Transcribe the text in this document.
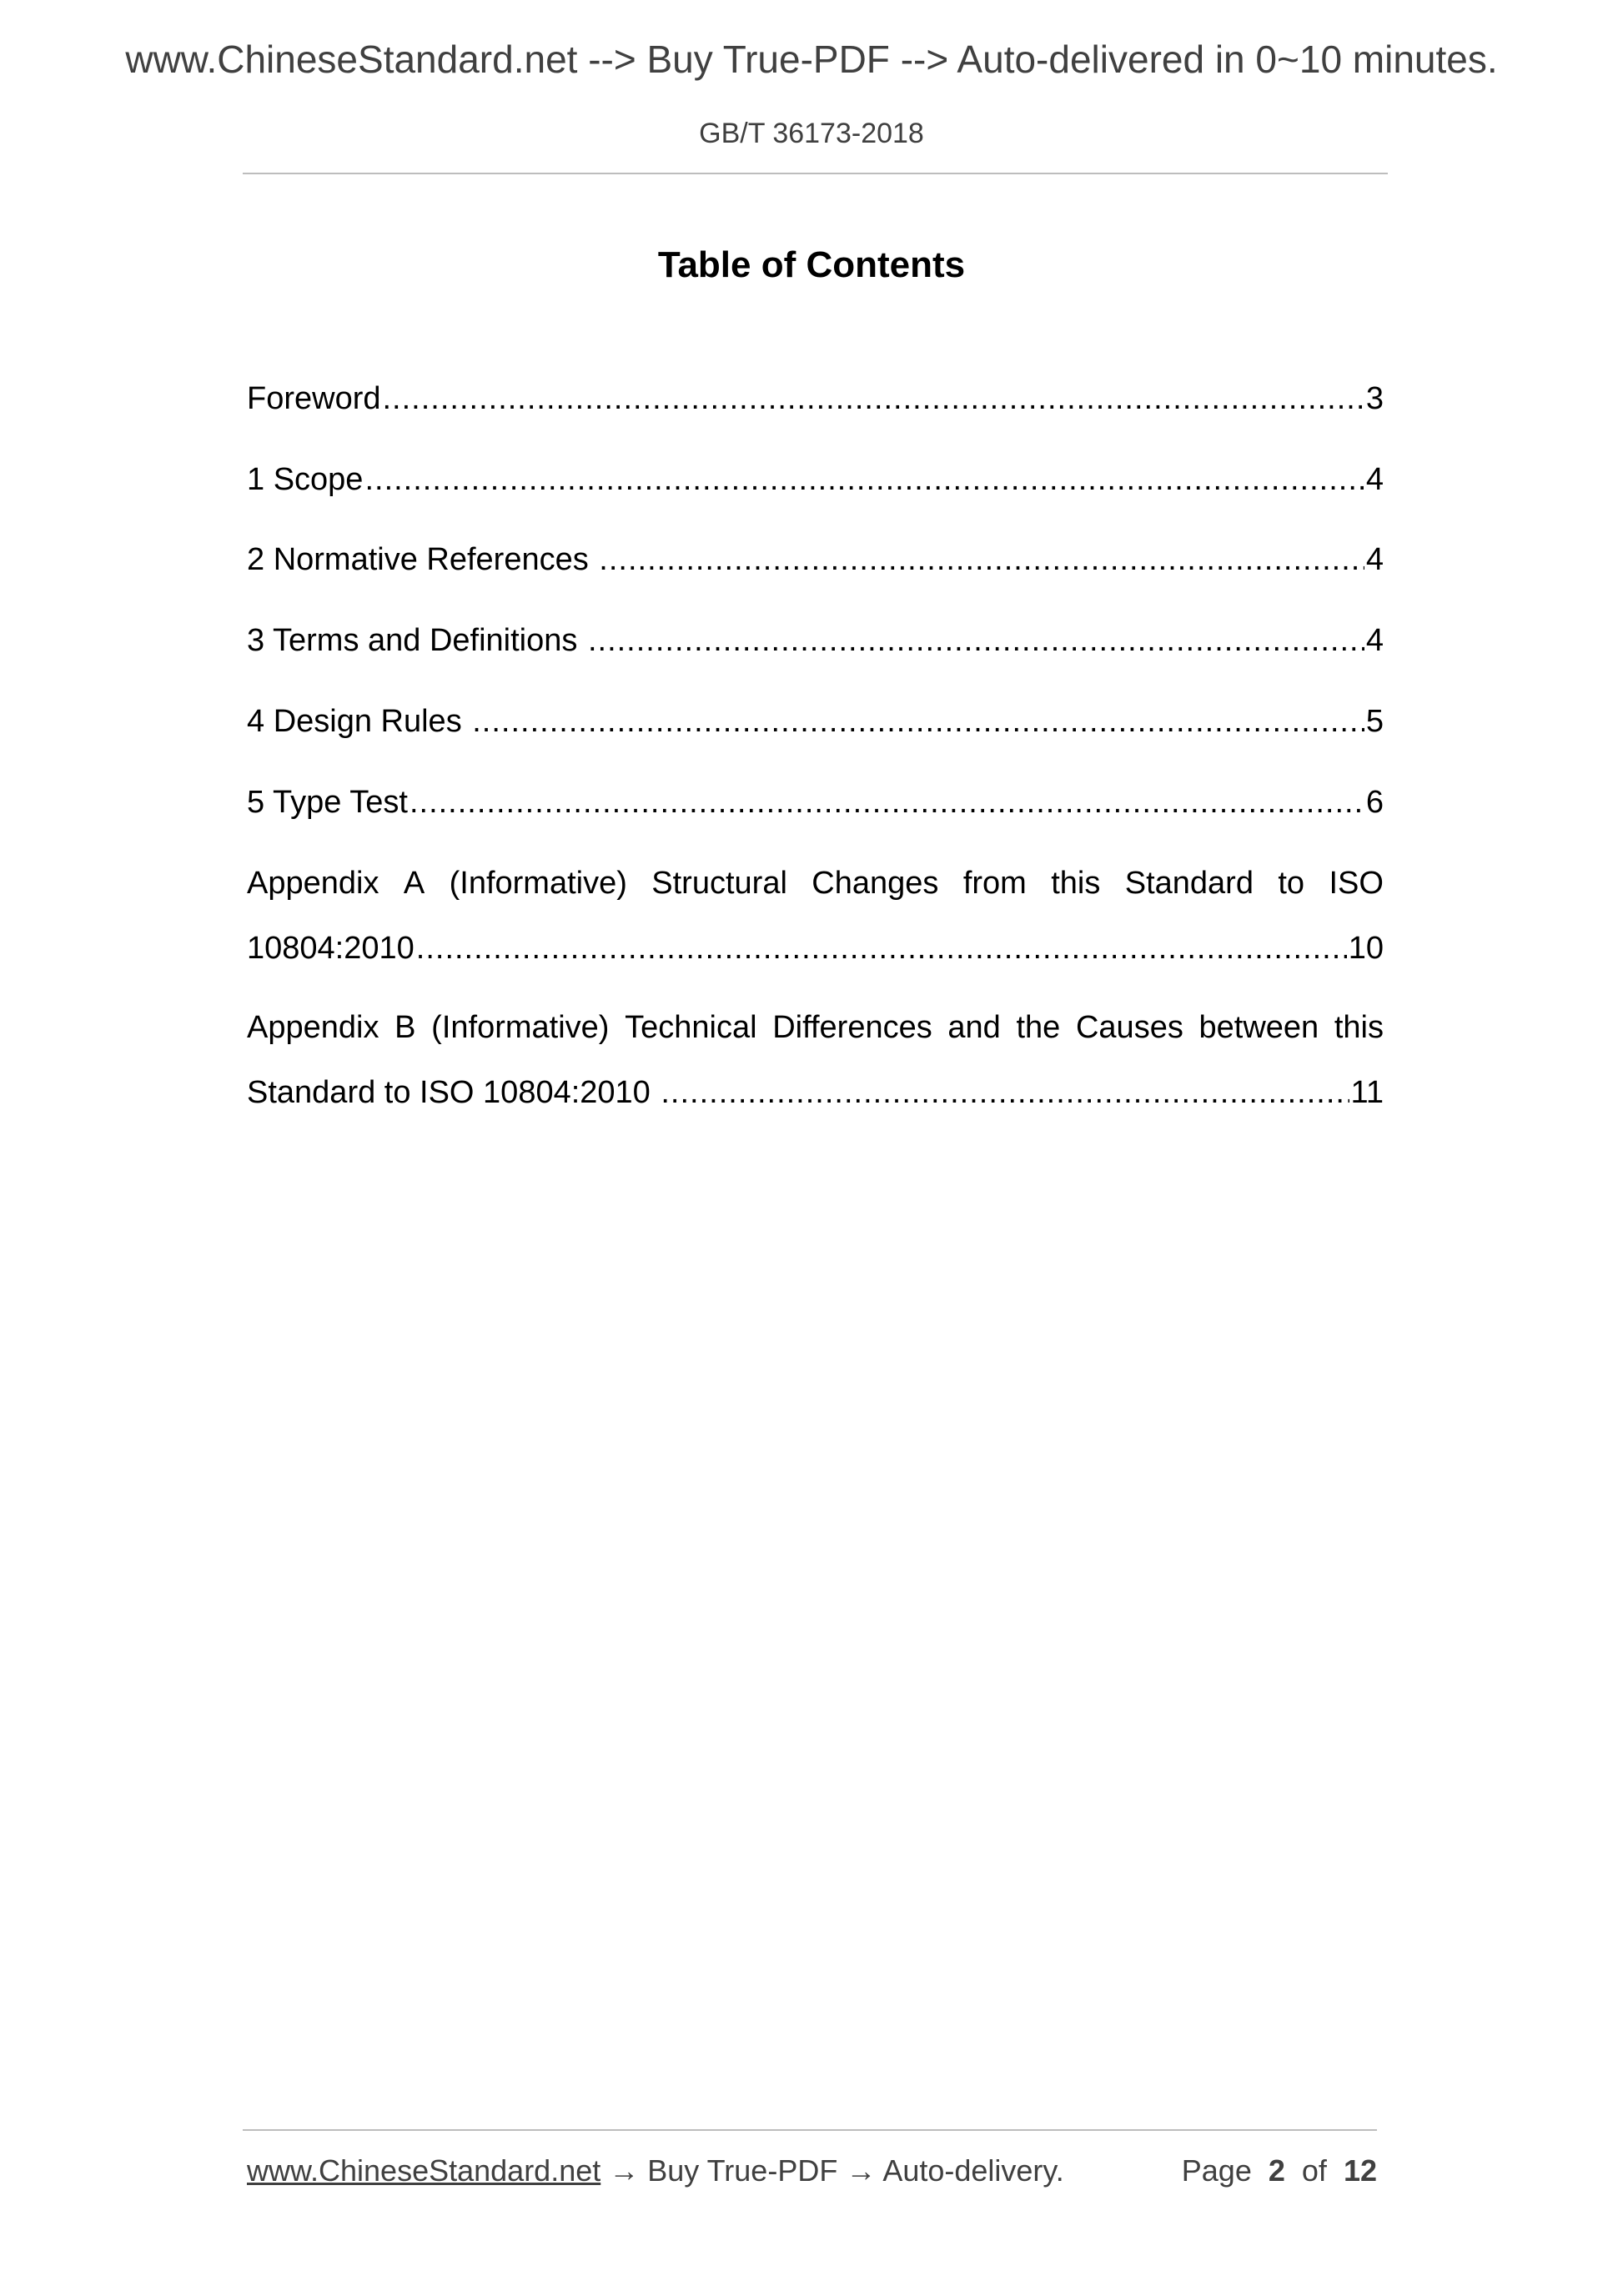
www.ChineseStandard.net --> Buy True-PDF --> Auto-delivered in 0~10 minutes.
GB/T 36173-2018
Table of Contents
Foreword .....	3
1 Scope .....	4
2 Normative References .....	4
3 Terms and Definitions .....	4
4 Design Rules .....	5
5 Type Test .....	6
Appendix A (Informative) Structural Changes from this Standard to ISO
10804:2010 .....	10
Appendix B (Informative) Technical Differences and the Causes between this
Standard to ISO 10804:2010 .....	11
www.ChineseStandard.net → Buy True-PDF → Auto-delivery.	Page 2 of 12
